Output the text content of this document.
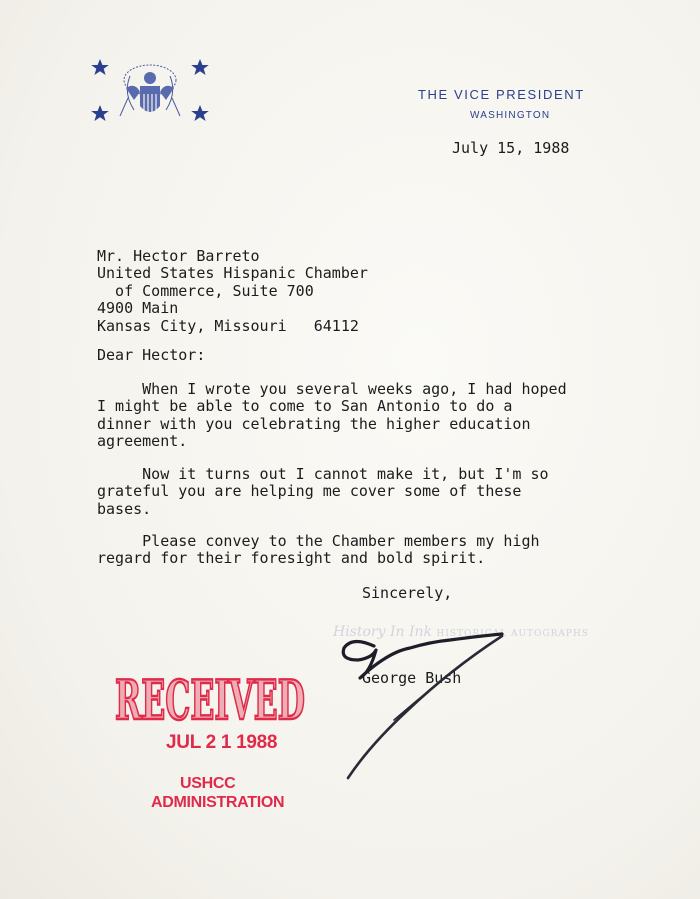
THE VICE PRESIDENT
WASHINGTON
July 15, 1988
Mr. Hector Barreto
United States Hispanic Chamber
of Commerce, Suite 700
4900 Main
Kansas City, Missouri   64112
Dear Hector:
When I wrote you several weeks ago, I had hoped
I might be able to come to San Antonio to do a
dinner with you celebrating the higher education
agreement.
Now it turns out I cannot make it, but I'm so
grateful you are helping me cover some of these
bases.
Please convey to the Chamber members my high
regard for their foresight and bold spirit.
Sincerely,
History In Ink HISTORICAL AUTOGRAPHS
George Bush
RECEIVED
RECEIVED
JUL 2 1 1988
USHCC
ADMINISTRATION
